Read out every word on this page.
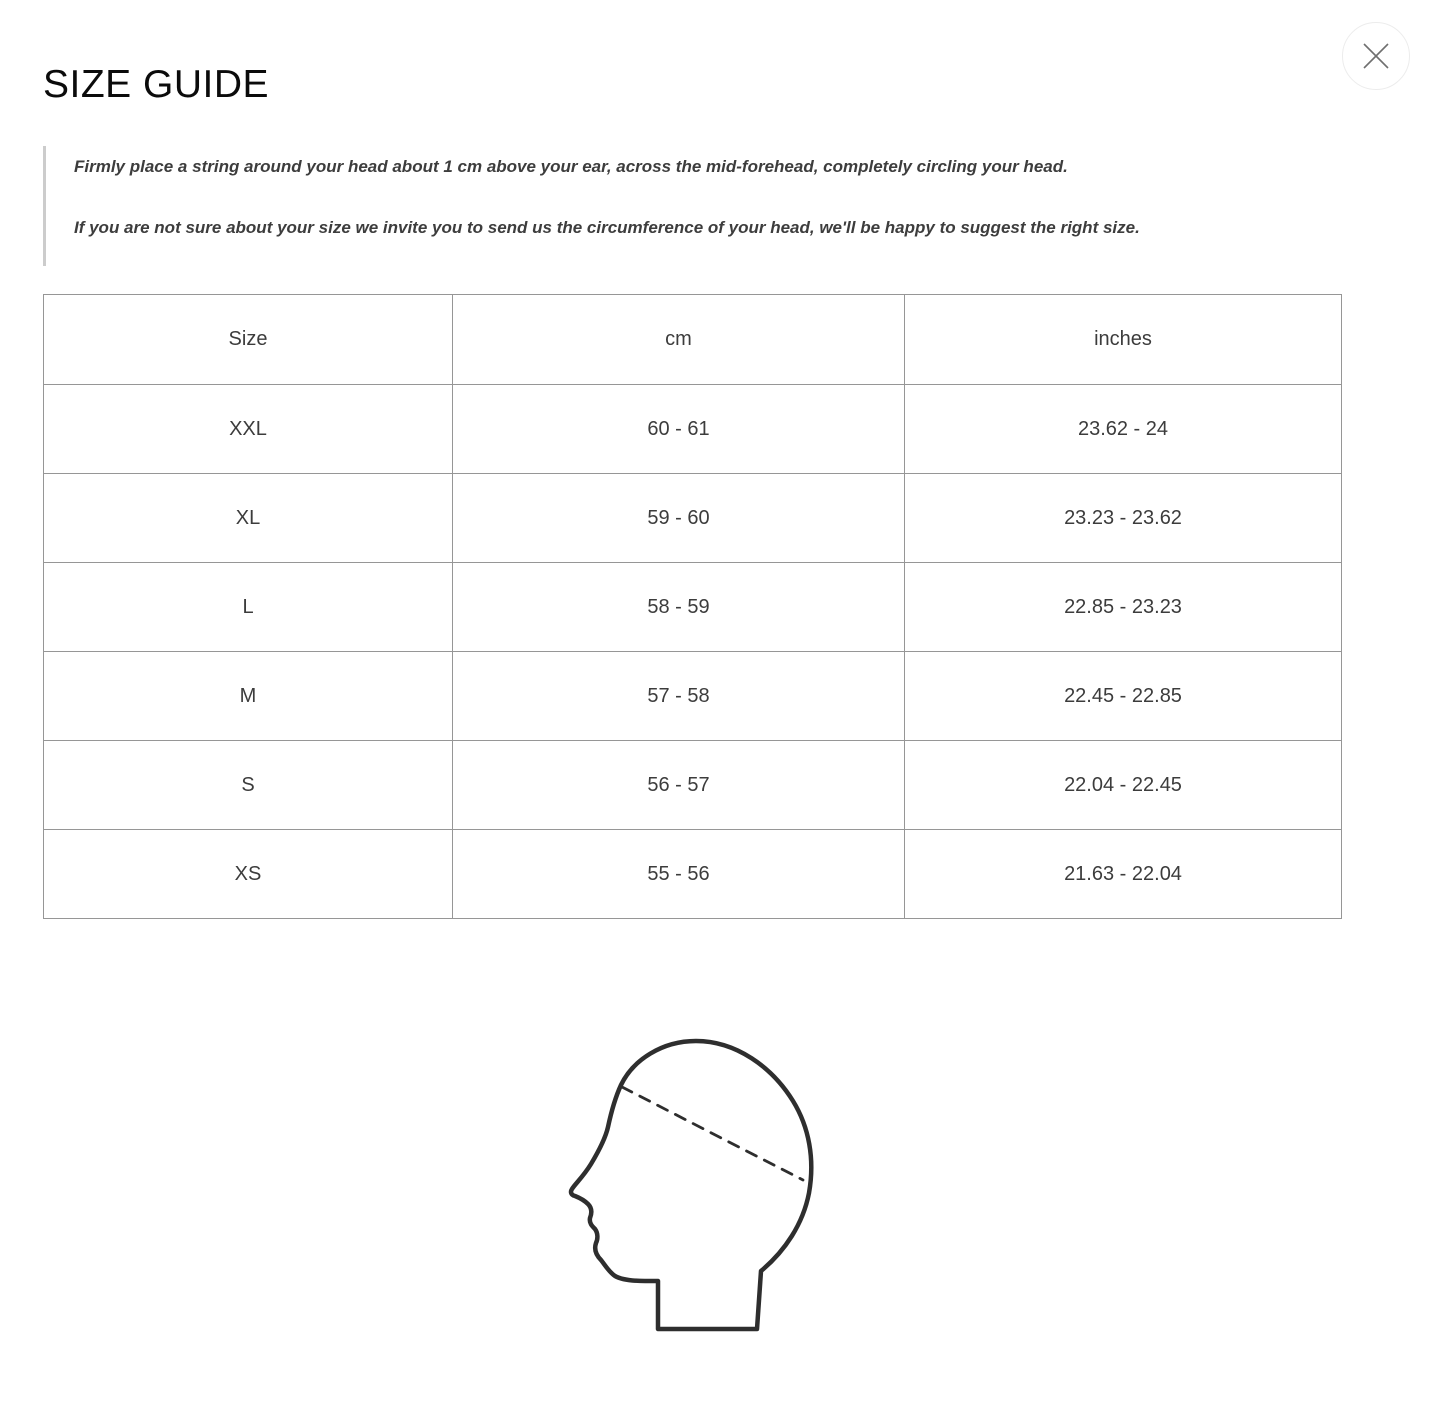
SIZE GUIDE

Firmly place a string around your head about 1 cm above your ear, across the mid-forehead, completely circling your head.

If you are not sure about your size we invite you to send us the circumference of your head, we'll be happy to suggest the right size.

Size	cm	inches
XXL	60 - 61	23.62 - 24
XL	59 - 60	23.23 - 23.62
L	58 - 59	22.85 - 23.23
M	57 - 58	22.45 - 22.85
S	56 - 57	22.04 - 22.45
XS	55 - 56	21.63 - 22.04
